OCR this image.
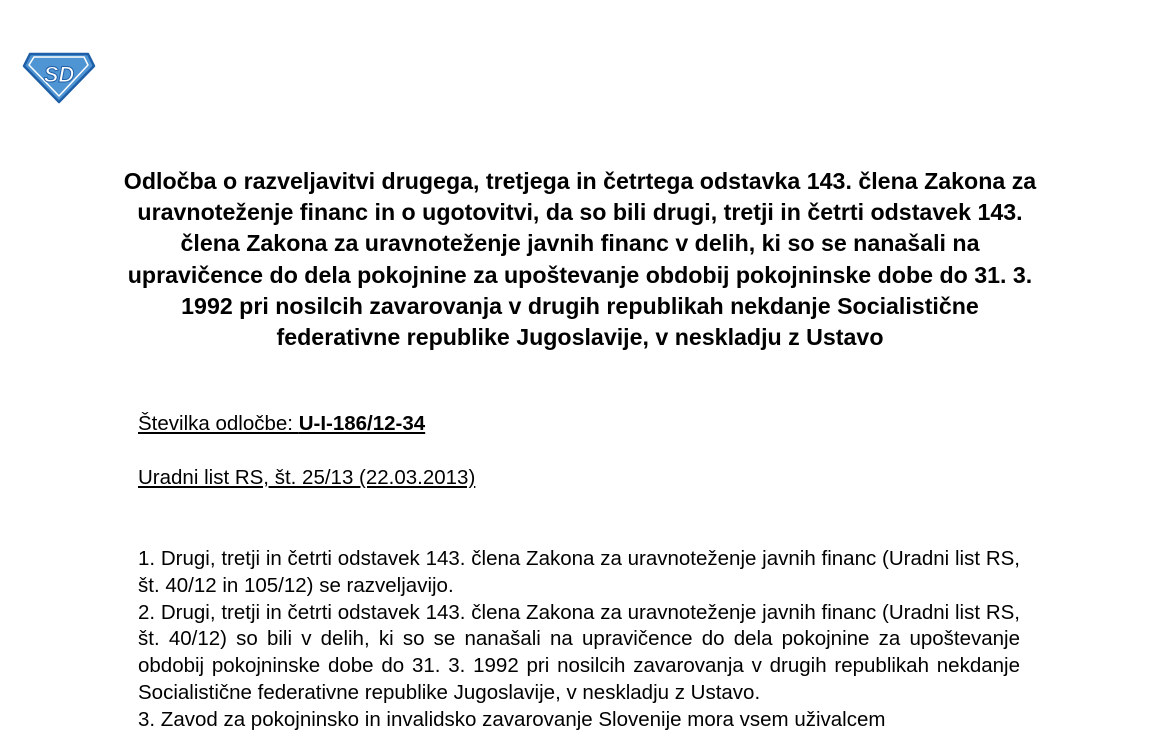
SD
Odločba o razveljavitvi drugega, tretjega in četrtega odstavka 143. člena Zakona za uravnoteženje financ in o ugotovitvi, da so bili drugi, tretji in četrti odstavek 143. člena Zakona za uravnoteženje javnih financ v delih, ki so se nanašali na upravičence do dela pokojnine za upoštevanje obdobij pokojninske dobe do 31. 3. 1992 pri nosilcih zavarovanja v drugih republikah nekdanje Socialistične federativne republike Jugoslavije, v neskladju z Ustavo
Številka odločbe: U-I-186/12-34
Uradni list RS, št. 25/13 (22.03.2013)

1. Drugi, tretji in četrti odstavek 143. člena Zakona za uravnoteženje javnih financ (Uradni list RS, št. 40/12 in 105/12) se razveljavijo.

2. Drugi, tretji in četrti odstavek 143. člena Zakona za uravnoteženje javnih financ (Uradni list RS, št. 40/12) so bili v delih, ki so se nanašali na upravičence do dela pokojnine za upoštevanje obdobij pokojninske dobe do 31. 3. 1992 pri nosilcih zavarovanja v drugih republikah nekdanje Socialistične federativne republike Jugoslavije, v neskladju z Ustavo.

3. Zavod za pokojninsko in invalidsko zavarovanje Slovenije mora vsem uživalcem
